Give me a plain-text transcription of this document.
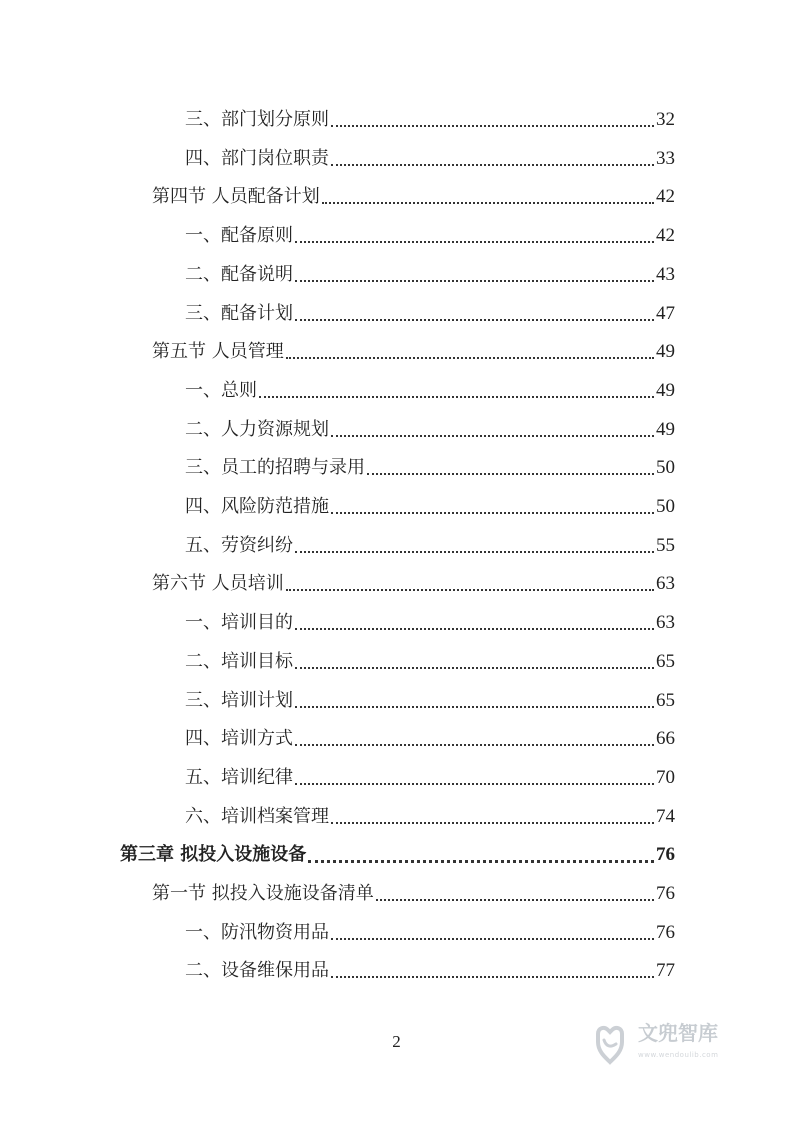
三、部门划分原则	32
四、部门岗位职责	33
第四节 人员配备计划	42
一、配备原则	42
二、配备说明	43
三、配备计划	47
第五节 人员管理	49
一、总则	49
二、人力资源规划	49
三、员工的招聘与录用	50
四、风险防范措施	50
五、劳资纠纷	55
第六节 人员培训	63
一、培训目的	63
二、培训目标	65
三、培训计划	65
四、培训方式	66
五、培训纪律	70
六、培训档案管理	74
第三章 拟投入设施设备	76
第一节 拟投入设施设备清单	76
一、防汛物资用品	76
二、设备维保用品	77
2	文兜智库
www.wendoulib.com
